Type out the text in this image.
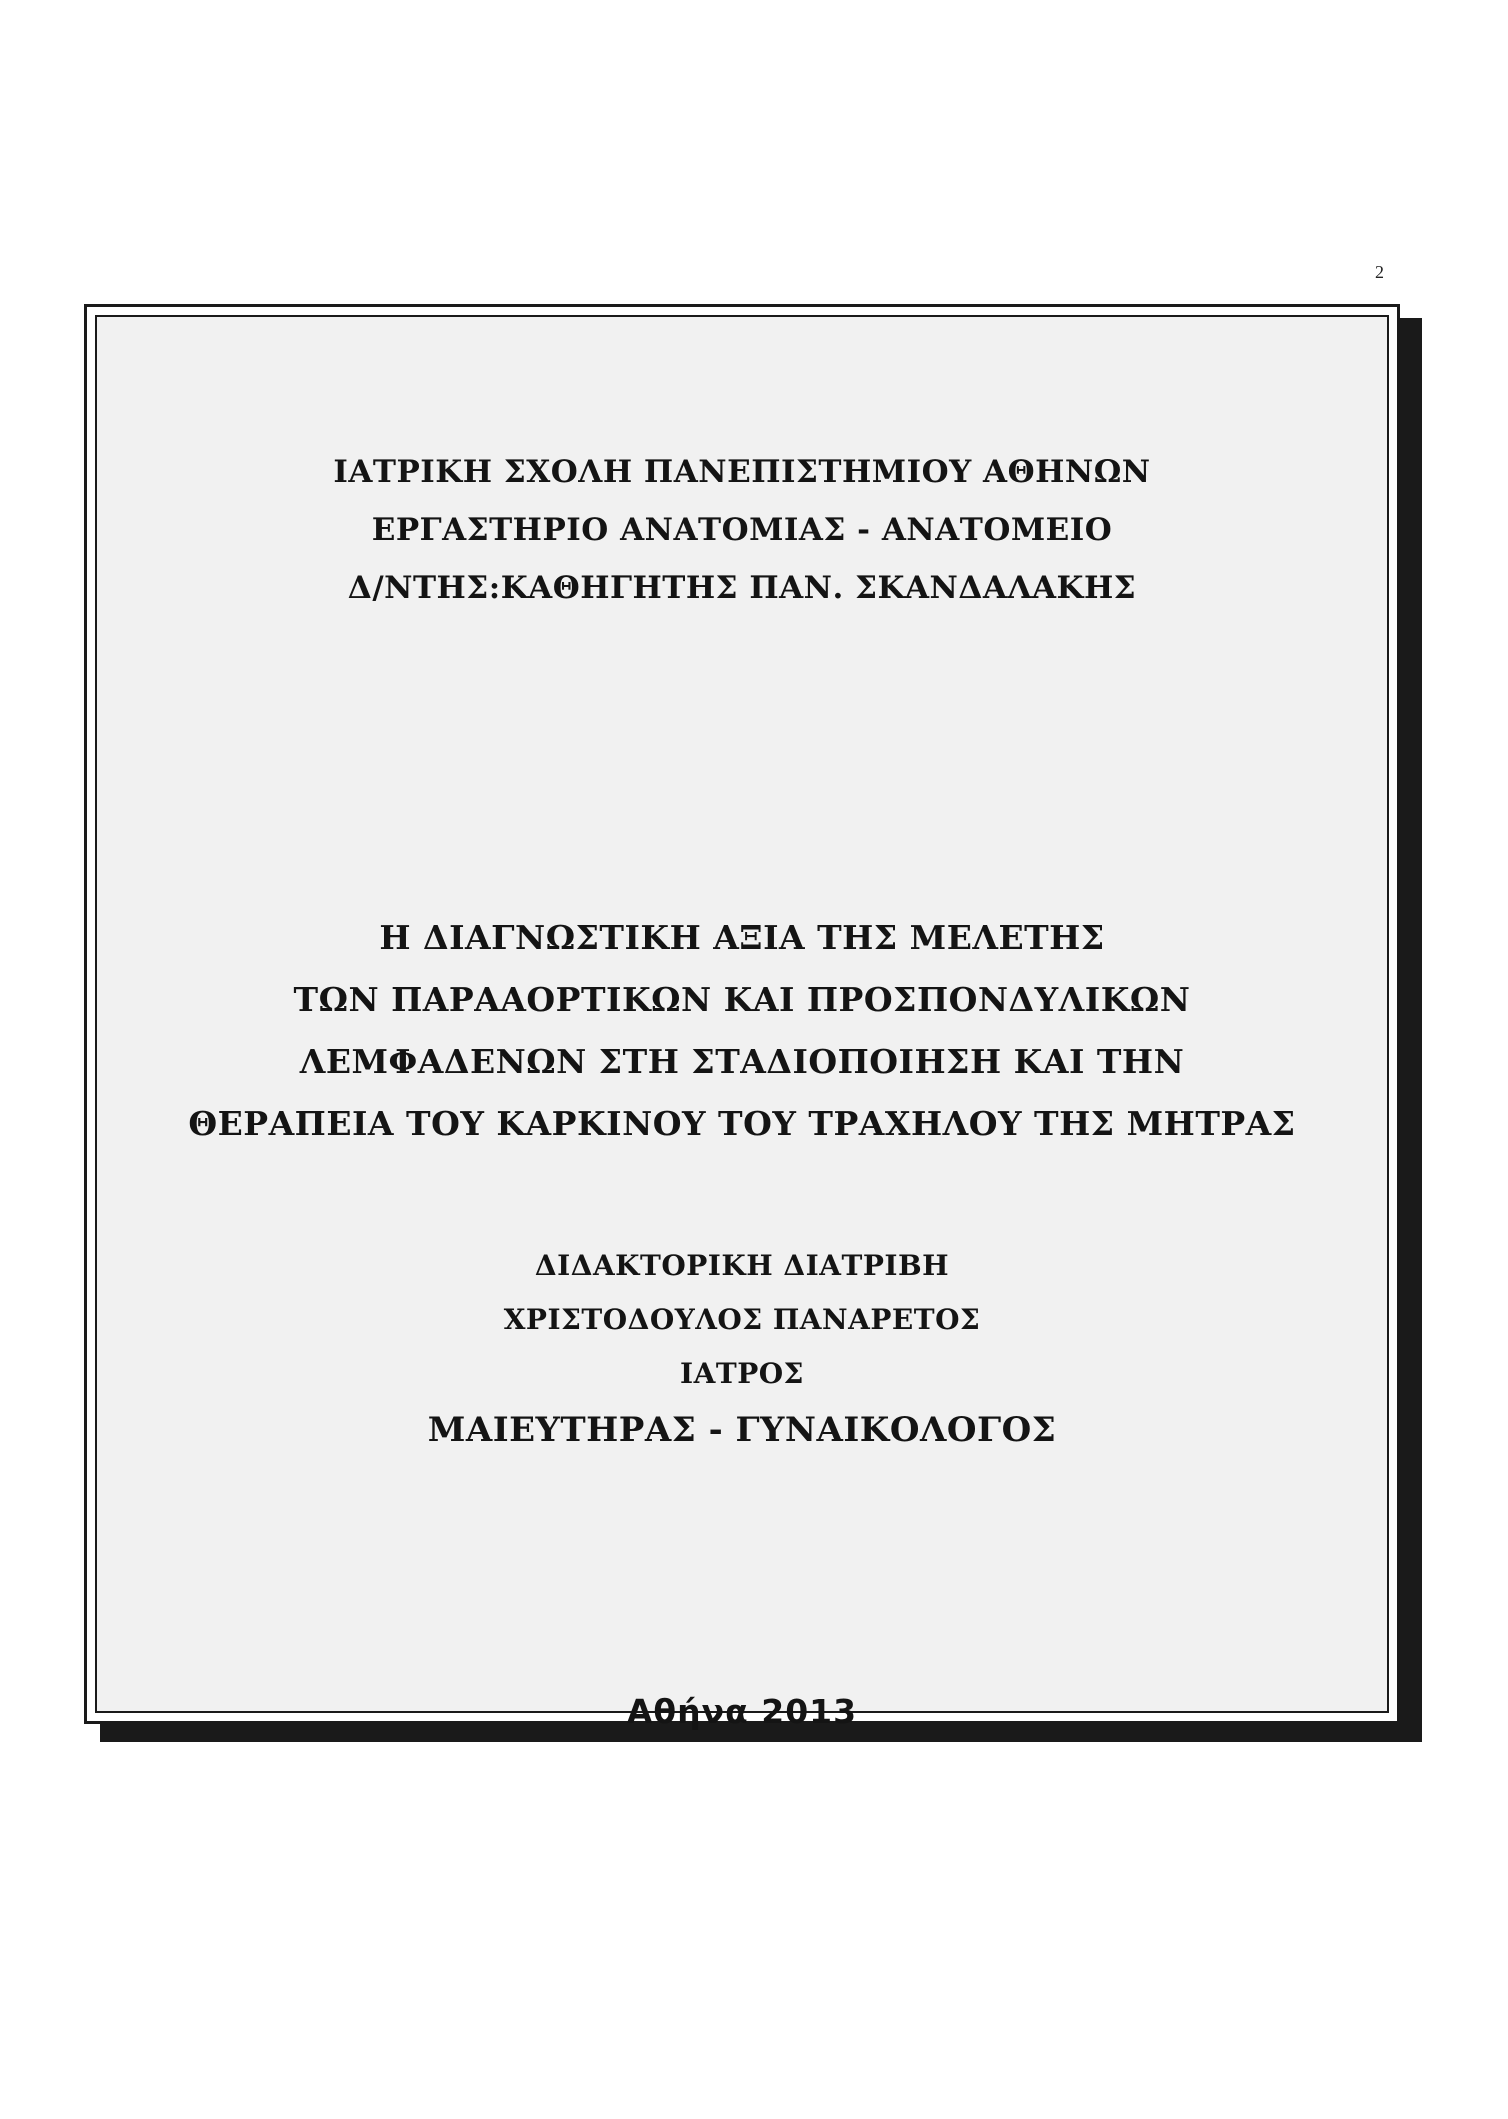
2
ΙΑΤΡΙΚΗ ΣΧΟΛΗ ΠΑΝΕΠΙΣΤΗΜΙΟΥ ΑΘΗΝΩΝ
ΕΡΓΑΣΤΗΡΙΟ ΑΝΑΤΟΜΙΑΣ - ΑΝΑΤΟΜΕΙΟ
Δ/ΝΤΗΣ:ΚΑΘΗΓΗΤΗΣ ΠΑΝ. ΣΚΑΝΔΑΛΑΚΗΣ
Η ΔΙΑΓΝΩΣΤΙΚΗ ΑΞΙΑ ΤΗΣ ΜΕΛΕΤΗΣ
ΤΩΝ ΠΑΡΑΑΟΡΤΙΚΩΝ ΚΑΙ ΠΡΟΣΠΟΝΔΥΛΙΚΩΝ
ΛΕΜΦΑΔΕΝΩΝ ΣΤΗ ΣΤΑΔΙΟΠΟΙΗΣΗ ΚΑΙ ΤΗΝ
ΘΕΡΑΠΕΙΑ ΤΟΥ ΚΑΡΚΙΝΟΥ ΤΟΥ ΤΡΑΧΗΛΟΥ ΤΗΣ ΜΗΤΡΑΣ
ΔΙΔΑΚΤΟΡΙΚΗ ΔΙΑΤΡΙΒΗ
ΧΡΙΣΤΟΔΟΥΛΟΣ ΠΑΝΑΡΕΤΟΣ
ΙΑΤΡΟΣ
ΜΑΙΕΥΤΗΡΑΣ - ΓΥΝΑΙΚΟΛΟΓΟΣ
Αθήνα 2013
